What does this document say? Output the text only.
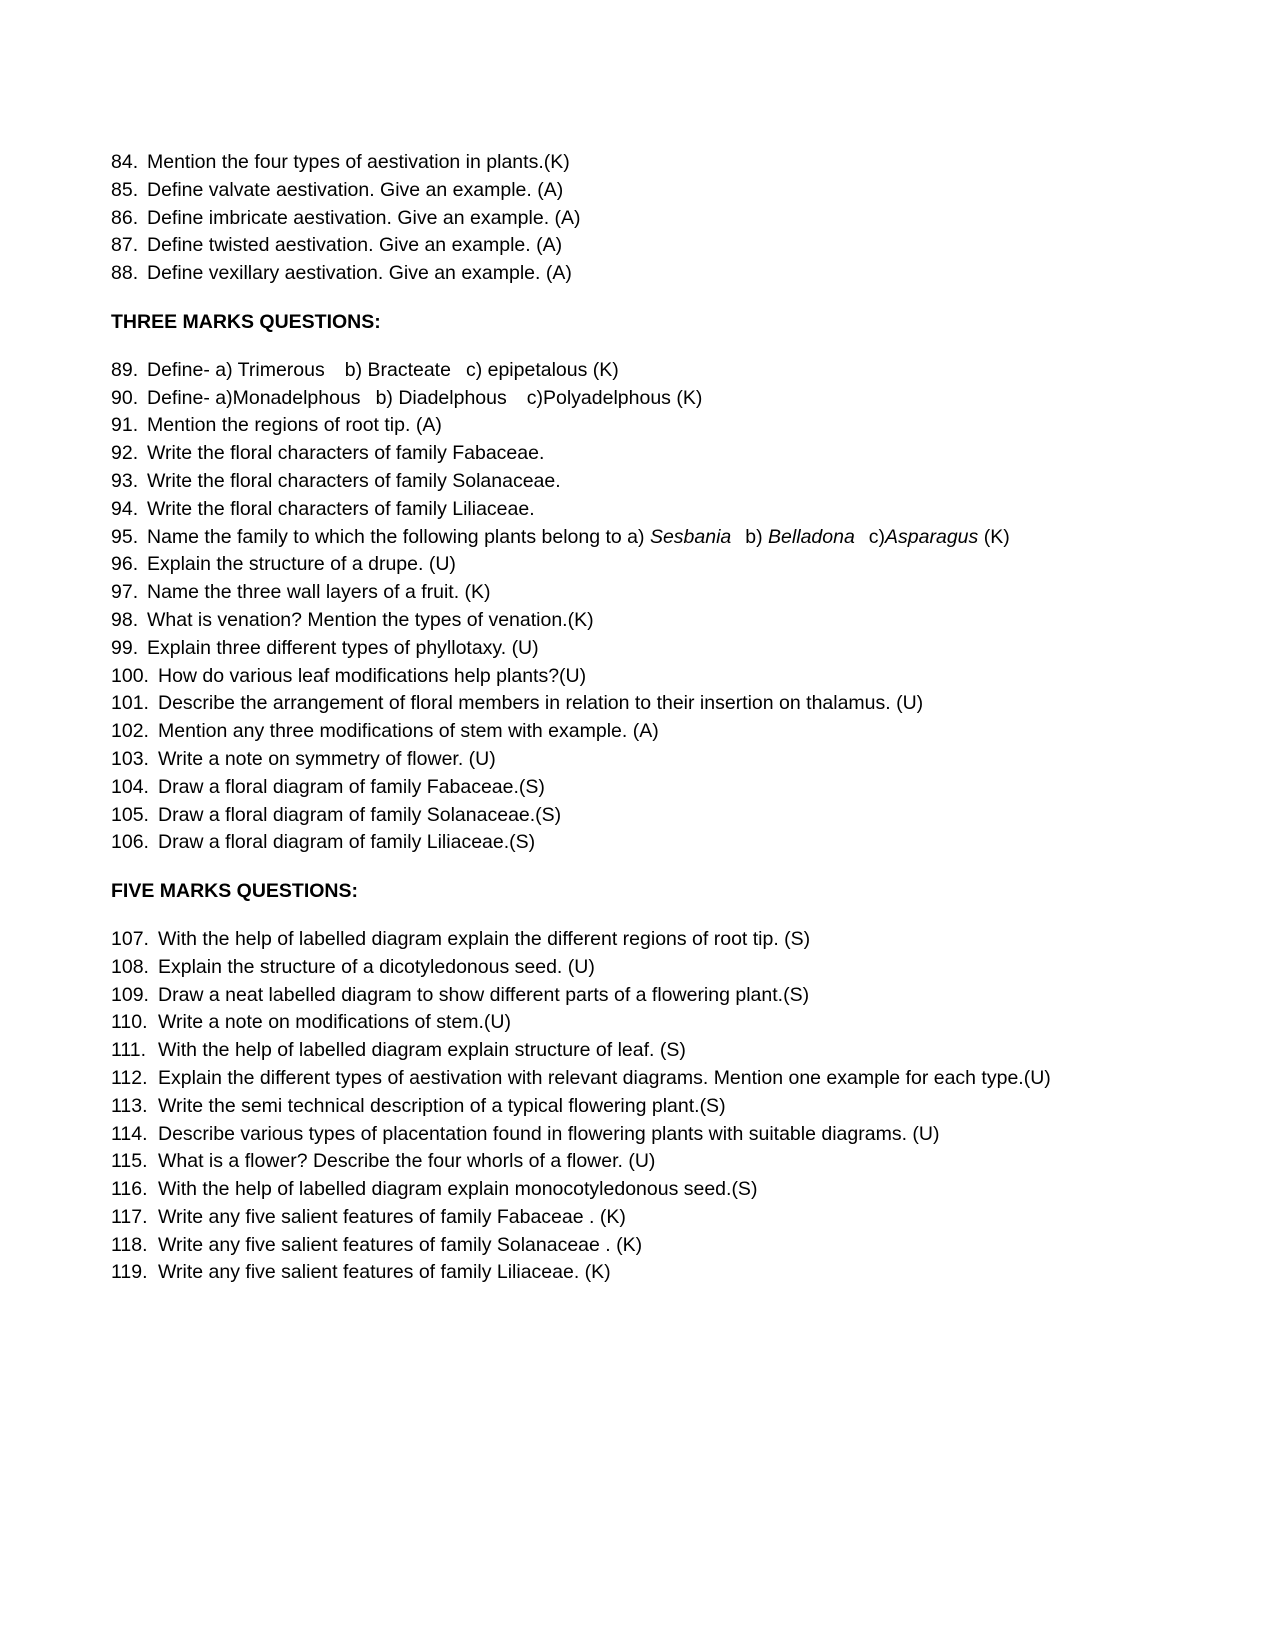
84. Mention the four types of aestivation in plants.(K)
85. Define valvate aestivation. Give an example. (A)
86. Define imbricate aestivation. Give an example. (A)
87. Define twisted aestivation. Give an example. (A)
88. Define vexillary aestivation. Give an example. (A)
THREE MARKS QUESTIONS:
89. Define- a) Trimerous b) Bracteate c) epipetalous (K)
90. Define- a)Monadelphous b) Diadelphous c)Polyadelphous (K)
91. Mention the regions of root tip. (A)
92. Write the floral characters of family Fabaceae.
93. Write the floral characters of family Solanaceae.
94. Write the floral characters of family Liliaceae.
95. Name the family to which the following plants belong to a) Sesbania b) Belladona c)Asparagus (K)
96. Explain the structure of a drupe. (U)
97. Name the three wall layers of a fruit. (K)
98. What is venation? Mention the types of venation.(K)
99. Explain three different types of phyllotaxy. (U)
100. How do various leaf modifications help plants?(U)
101. Describe the arrangement of floral members in relation to their insertion on thalamus. (U)
102. Mention any three modifications of stem with example. (A)
103. Write a note on symmetry of flower. (U)
104. Draw a floral diagram of family Fabaceae.(S)
105. Draw a floral diagram of family Solanaceae.(S)
106. Draw a floral diagram of family Liliaceae.(S)
FIVE MARKS QUESTIONS:
107. With the help of labelled diagram explain the different regions of root tip. (S)
108. Explain the structure of a dicotyledonous seed. (U)
109. Draw a neat labelled diagram to show different parts of a flowering plant.(S)
110. Write a note on modifications of stem.(U)
111. With the help of labelled diagram explain structure of leaf. (S)
112. Explain the different types of aestivation with relevant diagrams. Mention one example for each type.(U)
113. Write the semi technical description of a typical flowering plant.(S)
114. Describe various types of placentation found in flowering plants with suitable diagrams. (U)
115. What is a flower? Describe the four whorls of a flower. (U)
116. With the help of labelled diagram explain monocotyledonous seed.(S)
117. Write any five salient features of family Fabaceae . (K)
118. Write any five salient features of family Solanaceae . (K)
119. Write any five salient features of family Liliaceae. (K)
